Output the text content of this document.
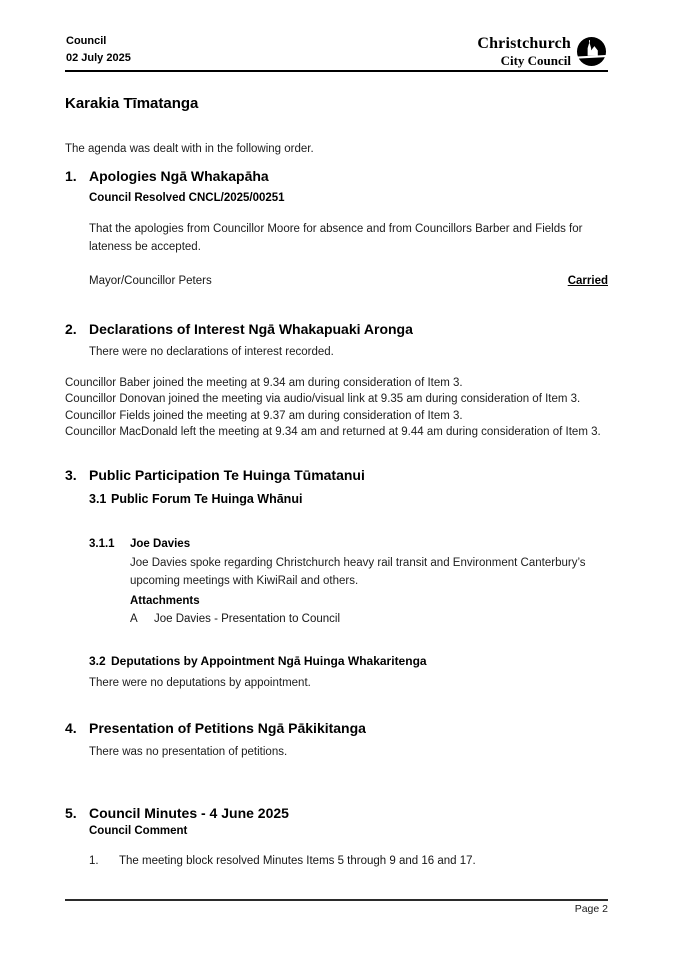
Council
02 July 2025
Christchurch
City Council
Karakia Tīmatanga
The agenda was dealt with in the following order.
1. Apologies Ngā Whakapāha
Council Resolved CNCL/2025/00251
That the apologies from Councillor Moore for absence and from Councillors Barber and Fields for lateness be accepted.
Mayor/Councillor Peters	Carried
2. Declarations of Interest Ngā Whakapuaki Aronga
There were no declarations of interest recorded.
Councillor Baber joined the meeting at 9.34 am during consideration of Item 3.
Councillor Donovan joined the meeting via audio/visual link at 9.35 am during consideration of Item 3.
Councillor Fields joined the meeting at 9.37 am during consideration of Item 3.
Councillor MacDonald left the meeting at 9.34 am and returned at 9.44 am during consideration of Item 3.
3. Public Participation Te Huinga Tūmatanui
3.1 Public Forum Te Huinga Whānui
3.1.1	Joe Davies
Joe Davies spoke regarding Christchurch heavy rail transit and Environment Canterbury’s upcoming meetings with KiwiRail and others.
Attachments
A	Joe Davies - Presentation to Council
3.2 Deputations by Appointment Ngā Huinga Whakaritenga
There were no deputations by appointment.
4. Presentation of Petitions Ngā Pākikitanga
There was no presentation of petitions.
5. Council Minutes - 4 June 2025
Council Comment
1.	The meeting block resolved Minutes Items 5 through 9 and 16 and 17.
Page 2
